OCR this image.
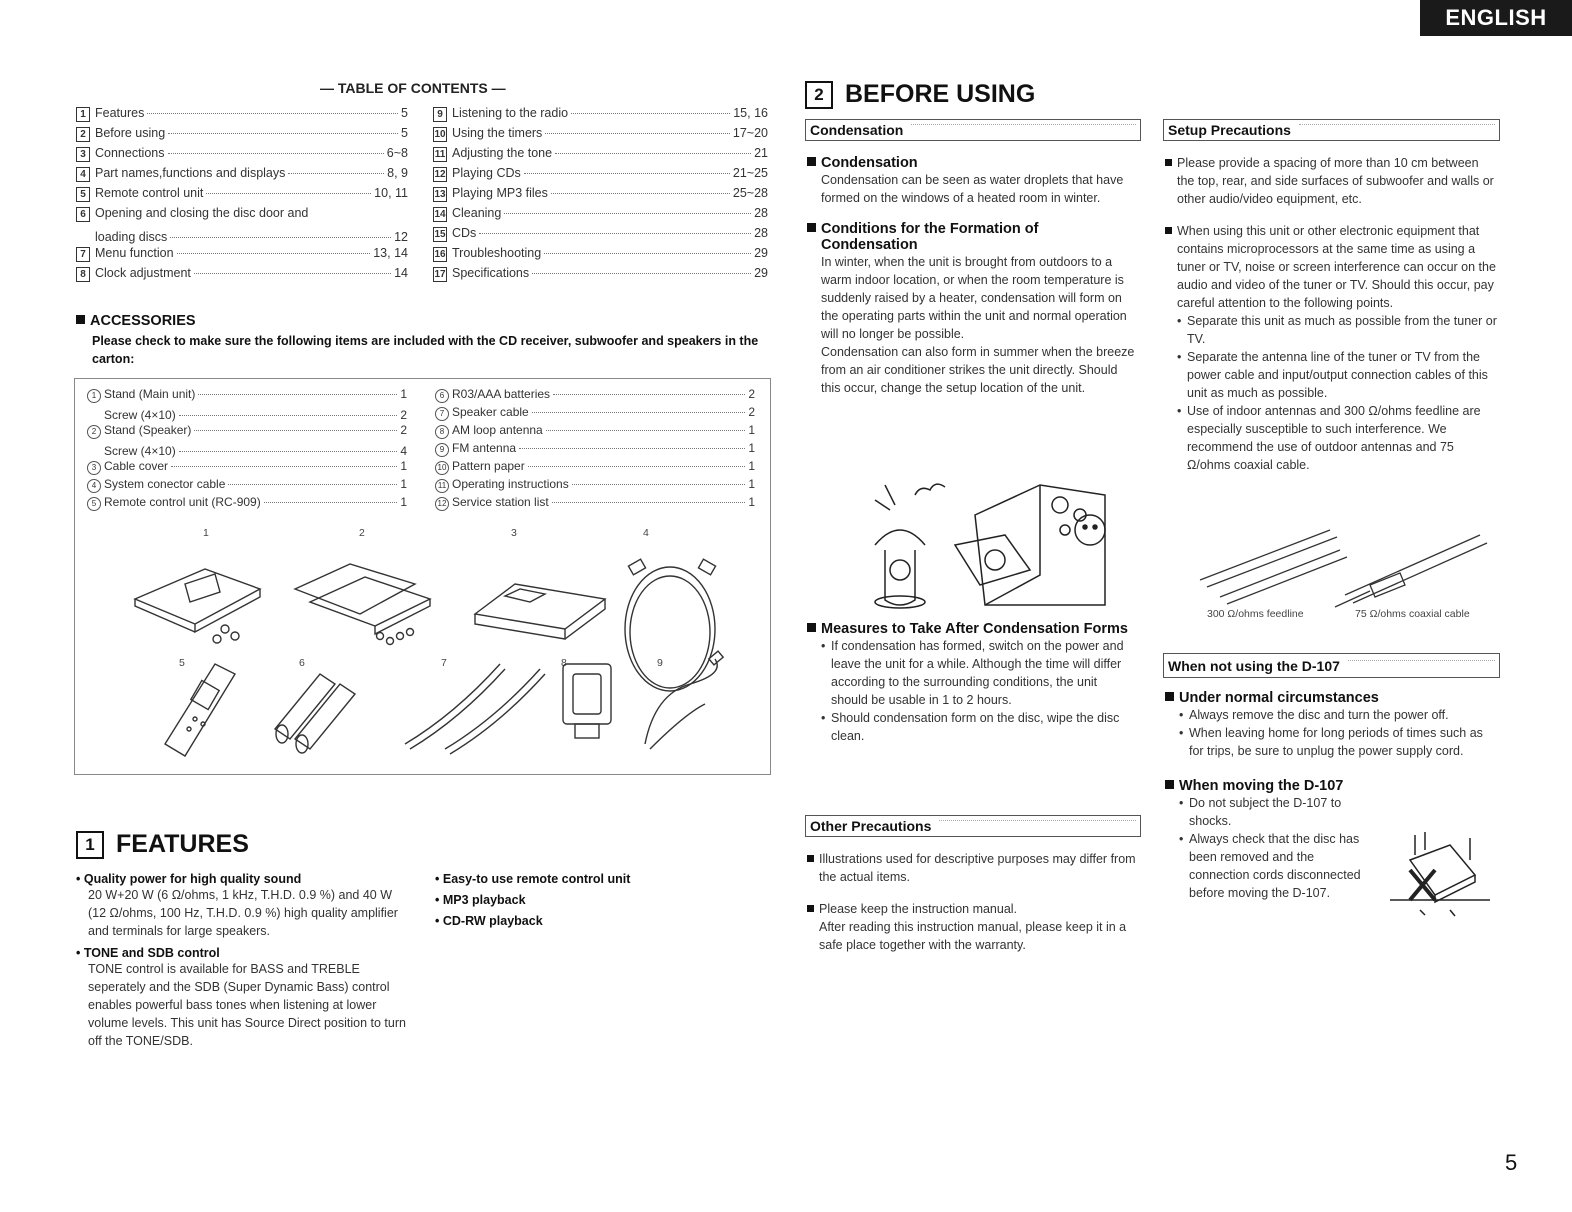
ENGLISH
— TABLE OF CONTENTS —
1 Features	5
2 Before using	5
3 Connections	6~8
4 Part names,functions and displays	8, 9
5 Remote control unit	10, 11
6 Opening and closing the disc door and
loading discs	12
7 Menu function	13, 14
8 Clock adjustment	14
9 Listening to the radio	15, 16
10 Using the timers	17~20
11 Adjusting the tone	21
12 Playing CDs	21~25
13 Playing MP3 files	25~28
14 Cleaning	28
15 CDs	28
16 Troubleshooting	29
17 Specifications	29
ACCESSORIES
Please check to make sure the following items are included with the CD receiver, subwoofer and speakers in the carton:
1 Stand (Main unit)	1
Screw (4×10)	2
2 Stand (Speaker)	2
Screw (4×10)	4
3 Cable cover	1
4 System conector cable	1
5 Remote control unit (RC-909)	1
6 R03/AAA batteries	2
7 Speaker cable	2
8 AM loop antenna	1
9 FM antenna	1
10 Pattern paper	1
11 Operating instructions	1
12 Service station list	1
1	2	3	4
5	6	7	8	9
1 FEATURES
• Quality power for high quality sound
20 W+20 W (6 Ω/ohms, 1 kHz, T.H.D. 0.9 %) and 40 W (12 Ω/ohms, 100 Hz, T.H.D. 0.9 %) high quality amplifier and terminals for large speakers.
• TONE and SDB control
TONE control is available for BASS and TREBLE seperately and the SDB (Super Dynamic Bass) control enables powerful bass tones when listening at lower volume levels. This unit has Source Direct position to turn off the TONE/SDB.
• Easy-to use remote control unit
• MP3 playback
• CD-RW playback
2 BEFORE USING
Condensation
Condensation
Condensation can be seen as water droplets that have formed on the windows of a heated room in winter.
Conditions for the Formation of Condensation
In winter, when the unit is brought from outdoors to a warm indoor location, or when the room temperature is suddenly raised by a heater, condensation will form on the operating parts within the unit and normal operation will no longer be possible.
Condensation can also form in summer when the breeze from an air conditioner strikes the unit directly. Should this occur, change the setup location of the unit.
Measures to Take After Condensation Forms
• If condensation has formed, switch on the power and leave the unit for a while. Although the time will differ according to the surrounding conditions, the unit should be usable in 1 to 2 hours.
• Should condensation form on the disc, wipe the disc clean.
Other Precautions
Illustrations used for descriptive purposes may differ from the actual items.
Please keep the instruction manual.
After reading this instruction manual, please keep it in a safe place together with the warranty.
Setup Precautions
Please provide a spacing of more than 10 cm between the top, rear, and side surfaces of subwoofer and walls or other audio/video equipment, etc.
When using this unit or other electronic equipment that contains microprocessors at the same time as using a tuner or TV, noise or screen interference can occur on the audio and video of the tuner or TV. Should this occur, pay careful attention to the following points.
• Separate this unit as much as possible from the tuner or TV.
• Separate the antenna line of the tuner or TV from the power cable and input/output connection cables of this unit as much as possible.
• Use of indoor antennas and 300 Ω/ohms feedline are especially susceptible to such interference. We recommend the use of outdoor antennas and 75 Ω/ohms coaxial cable.
300 Ω/ohms feedline	75 Ω/ohms coaxial cable
When not using the D-107
Under normal circumstances
• Always remove the disc and turn the power off.
• When leaving home for long periods of times such as for trips, be sure to unplug the power supply cord.
When moving the D-107
• Do not subject the D-107 to shocks.
• Always check that the disc has been removed and the connection cords disconnected before moving the D-107.
5
